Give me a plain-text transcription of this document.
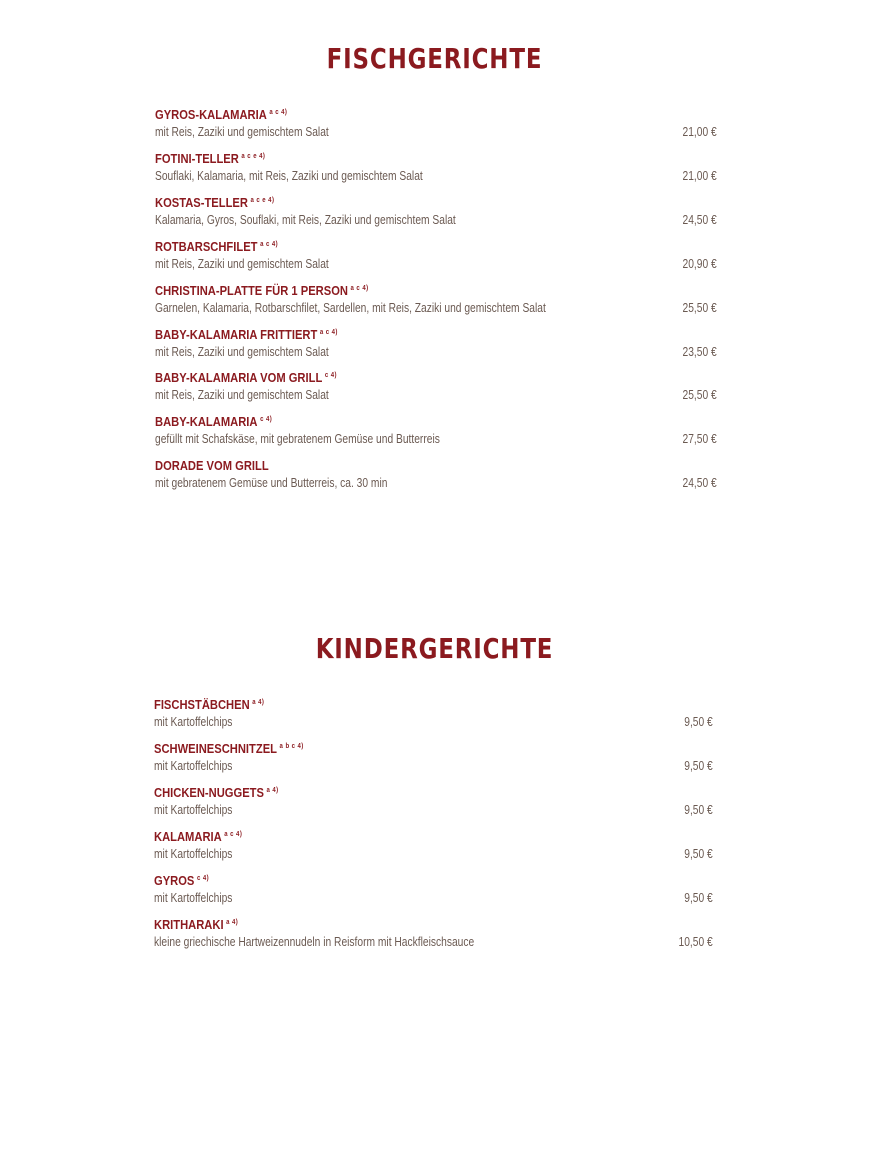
FISCHGERICHTE
GYROS-KALAMARIA $^{a c 4)}$
mit Reis, Zaziki und gemischtem Salat	21,00 €
FOTINI-TELLER $^{a c e 4)}$
Souflaki, Kalamaria, mit Reis, Zaziki und gemischtem Salat	21,00 €
KOSTAS-TELLER $^{a c e 4)}$
Kalamaria, Gyros, Souflaki, mit Reis, Zaziki und gemischtem Salat	24,50 €
ROTBARSCHFILET $^{a c 4)}$
mit Reis, Zaziki und gemischtem Salat	20,90 €
CHRISTINA-PLATTE FÜR 1 PERSON $^{a c 4)}$
Garnelen, Kalamaria, Rotbarschfilet, Sardellen, mit Reis, Zaziki und gemischtem Salat	25,50 €
BABY-KALAMARIA FRITTIERT $^{a c 4)}$
mit Reis, Zaziki und gemischtem Salat	23,50 €
BABY-KALAMARIA VOM GRILL $^{c 4)}$
mit Reis, Zaziki und gemischtem Salat	25,50 €
BABY-KALAMARIA $^{c 4)}$
gefüllt mit Schafskäse, mit gebratenem Gemüse und Butterreis	27,50 €
DORADE VOM GRILL
mit gebratenem Gemüse und Butterreis, ca. 30 min	24,50 €
KINDERGERICHTE
FISCHSTÄBCHEN $^{a 4)}$
mit Kartoffelchips	9,50 €
SCHWEINESCHNITZEL $^{a b c 4)}$
mit Kartoffelchips	9,50 €
CHICKEN-NUGGETS $^{a 4)}$
mit Kartoffelchips	9,50 €
KALAMARIA $^{a c 4)}$
mit Kartoffelchips	9,50 €
GYROS $^{c 4)}$
mit Kartoffelchips	9,50 €
KRITHARAKI $^{a 4)}$
kleine griechische Hartweizennudeln in Reisform mit Hackfleischsauce	10,50 €
